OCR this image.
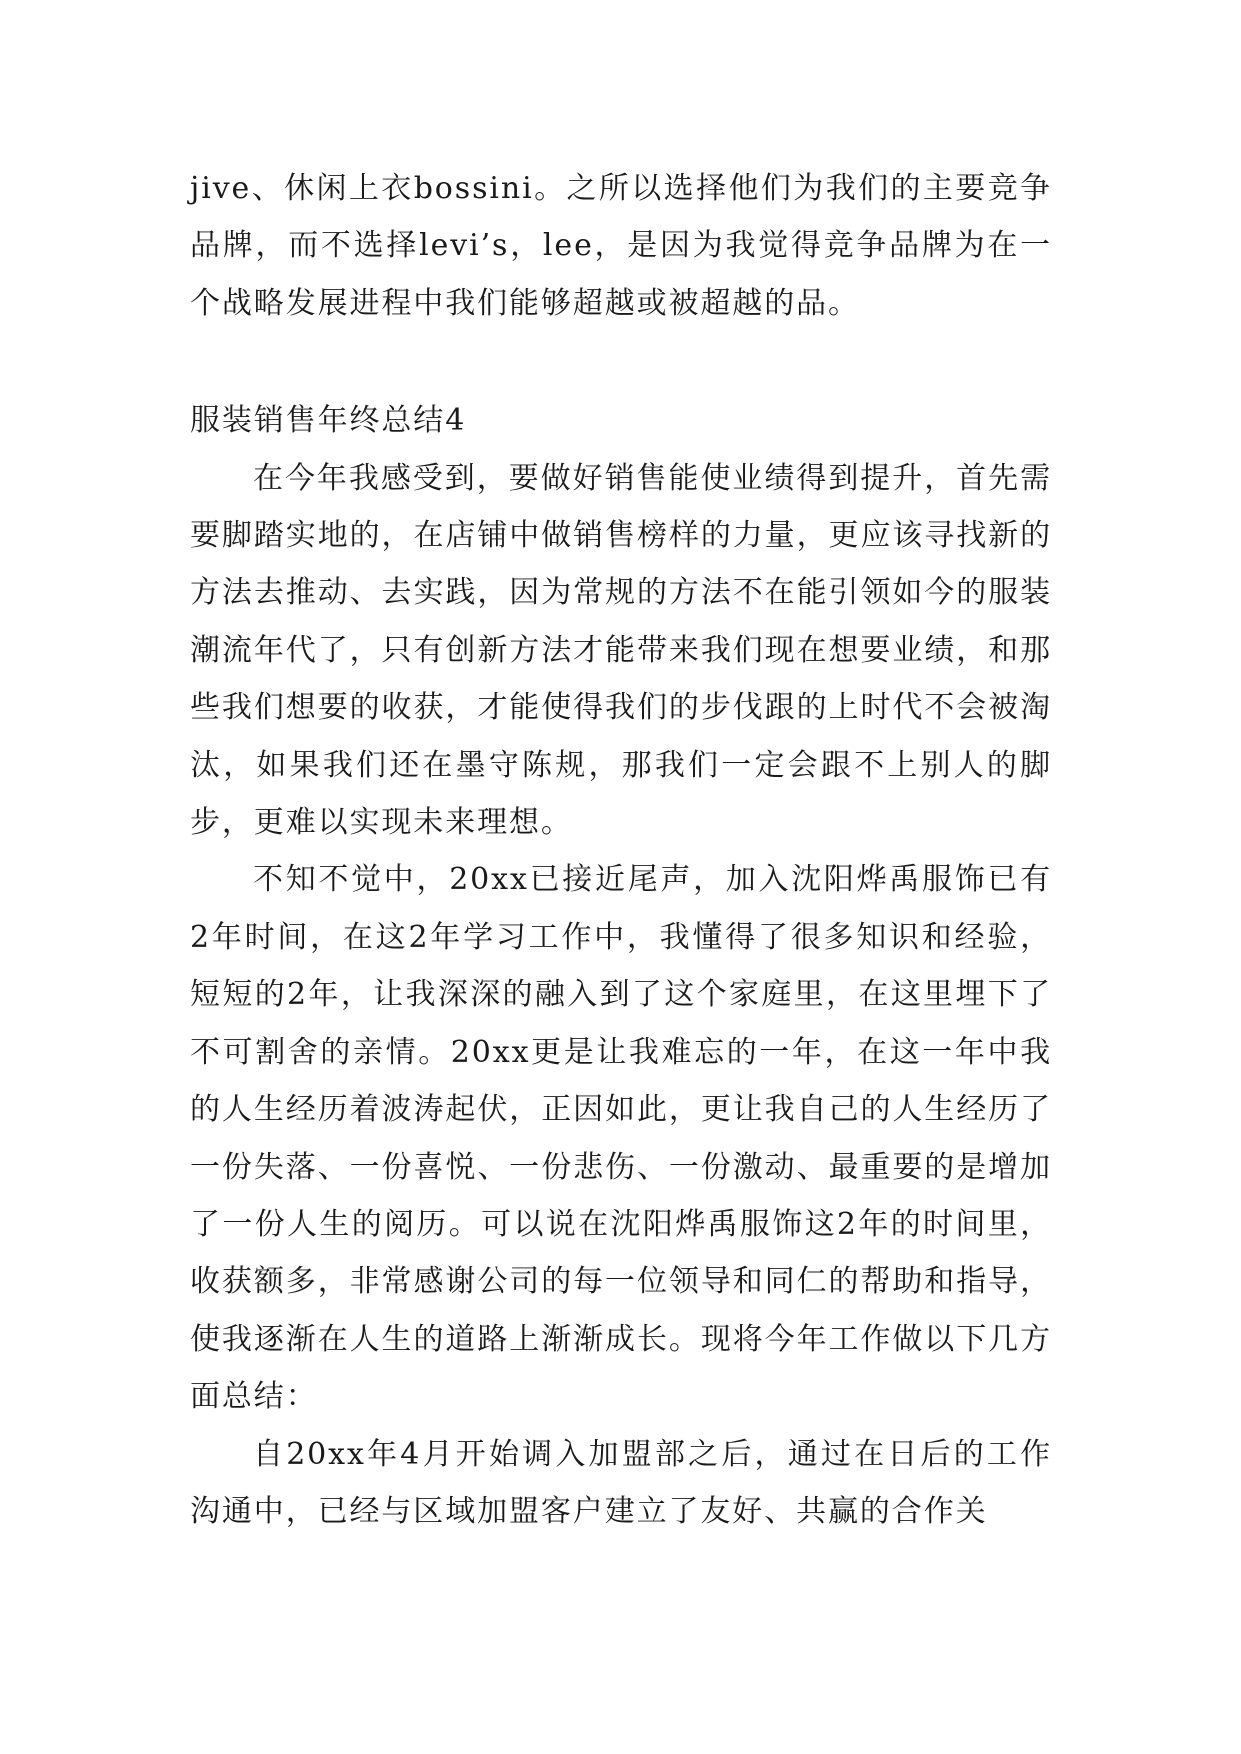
jive、休闲上衣bossini。之所以选择他们为我们的主要竞争品牌，而不选择levi’s，lee，是因为我觉得竞争品牌为在一个战略发展进程中我们能够超越或被超越的品。

服装销售年终总结4

在今年我感受到，要做好销售能使业绩得到提升，首先需要脚踏实地的，在店铺中做销售榜样的力量，更应该寻找新的方法去推动、去实践，因为常规的方法不在能引领如今的服装潮流年代了，只有创新方法才能带来我们现在想要业绩，和那些我们想要的收获，才能使得我们的步伐跟的上时代不会被淘汰，如果我们还在墨守陈规，那我们一定会跟不上别人的脚步，更难以实现未来理想。

不知不觉中，20xx已接近尾声，加入沈阳烨禹服饰已有2年时间，在这2年学习工作中，我懂得了很多知识和经验，短短的2年，让我深深的融入到了这个家庭里，在这里埋下了不可割舍的亲情。20xx更是让我难忘的一年，在这一年中我的人生经历着波涛起伏，正因如此，更让我自己的人生经历了一份失落、一份喜悦、一份悲伤、一份激动、最重要的是增加了一份人生的阅历。可以说在沈阳烨禹服饰这2年的时间里，收获额多，非常感谢公司的每一位领导和同仁的帮助和指导，使我逐渐在人生的道路上渐渐成长。现将今年工作做以下几方面总结：

自20xx年4月开始调入加盟部之后，通过在日后的工作沟通中，已经与区域加盟客户建立了友好、共赢的合作关
